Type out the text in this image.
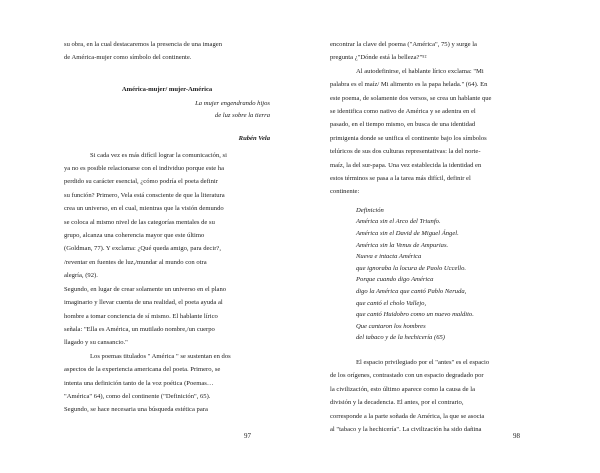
su obra, en la cual destacaremos la presencia de una imagen
de América-mujer como símbolo del continente.

América-mujer/ mujer-América
La mujer engendrando hijos
de luz sobre la tierra
Rubén Vela

Si cada vez es más difícil lograr la comunicación, si
ya no es posible relacionarse con el individuo porque este ha
perdido su carácter esencial, ¿cómo podría el poeta definir
su función? Primero, Vela está consciente de que la literatura
crea un universo, en el cual, mientras que la visión demundo
se coloca al mismo nivel de las categorías mentales de su
grupo, alcanza una coherencia mayor que este último
(Goldman, 77). Y exclama: ¿Qué queda amigo, para decir?,
/reventar en fuentes de luz,/mundar al mundo con otra
alegría, (92).
Segundo, en lugar de crear solamente un universo en el plano
imaginario y llevar cuenta de una realidad, el poeta ayuda al
hombre a tomar conciencia de sí mismo. El hablante lírico
señala: "Ella es América, un mutilado nombre,/un cuerpo
llagado y su cansancio."

Los poemas titulados " América " se sustentan en dos
aspectos de la experiencia americana del poeta. Primero, se
intenta una definición tanto de la voz poética (Poemas…
"América" 64), como del continente ("Definición", 65).
Segundo, se hace necesaria una búsqueda estética para

97

encontrar la clave del poema ("América", 75) y surge la
pregunta ¿"Dónde está la belleza?"⁵²

Al autodefinirse, el hablante lírico exclama: "Mi
palabra es el maíz/ Mi alimento es la papa helada." (64). En
este poema, de solamente dos versos, se crea un hablante que
se identifica como nativo de América y se adentra en el
pasado, en el tiempo mismo, en busca de una identidad
primigenia donde se unifica el continente bajo los símbolos
telúricos de sus dos culturas representativas: la del norte-
maíz, la del sur-papa. Una vez establecida la identidad en
estos términos se pasa a la tarea más difícil, definir el
continente:

Definición
América sin el Arco del Triunfo.
América sin el David de Miguel Ángel.
América sin la Venus de Ampurias.
Nueva e intacta América
que ignoraba la locura de Paolo Uccello.
Porque cuando digo América
digo la América que cantó Pablo Neruda,
que cantó el cholo Vallejo,
que cantó Huidobro como un nuevo maldito.
Que cantaron los hombres
del tabaco y de la hechicería (65)

El espacio privilegiado por el "antes" es el espacio
de los orígenes, contrastado con un espacio degradado por
la civilización, esto último aparece como la causa de la
división y la decadencia. El antes, por el contrario,
corresponde a la parte soñada de América, la que se asocia
al "tabaco y la hechicería". La civilización ha sido dañina

98
